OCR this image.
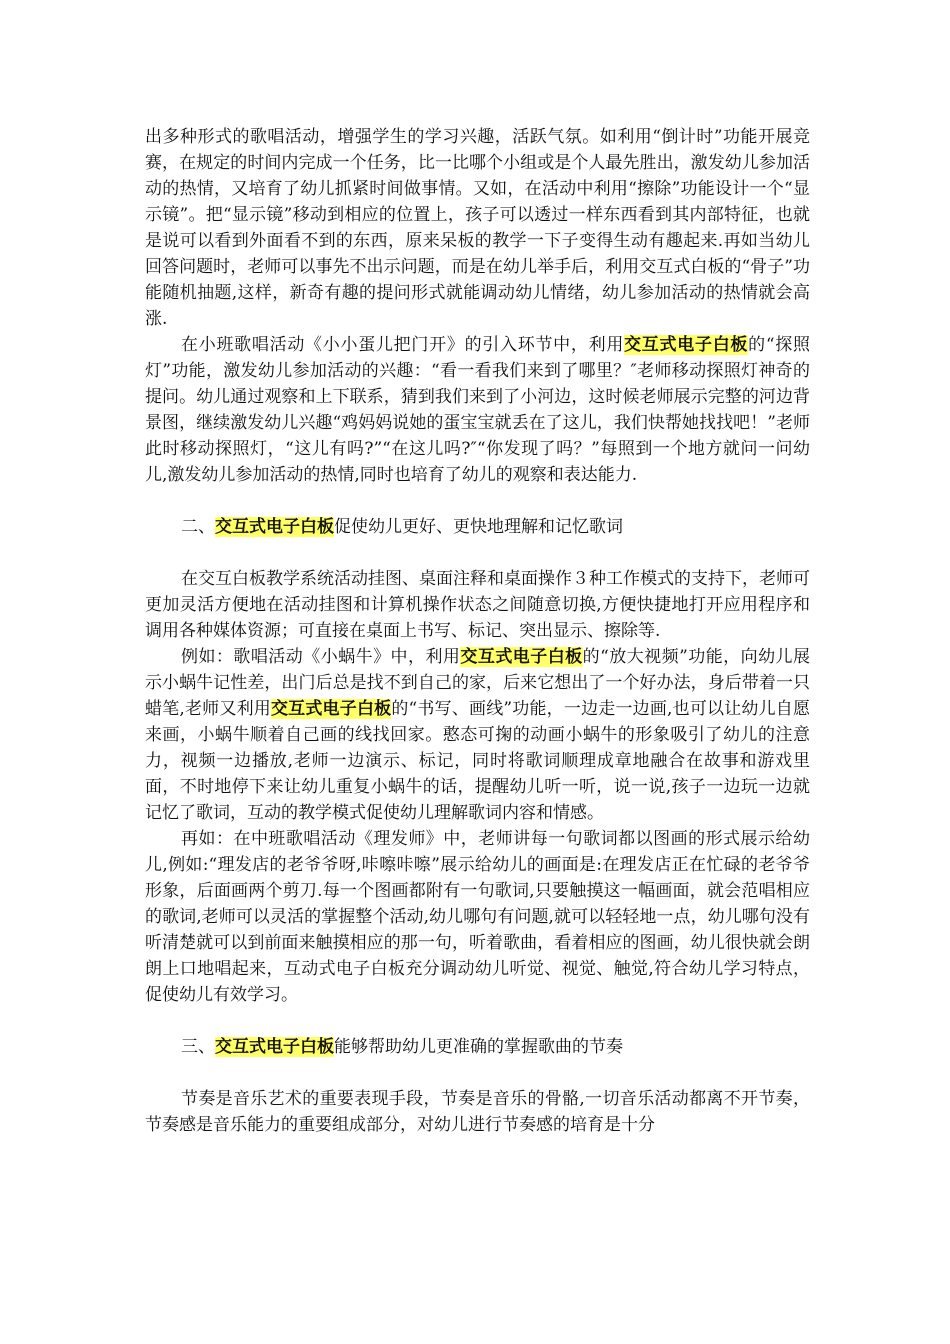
出多种形式的歌唱活动，增强学生的学习兴趣，活跃气氛。如利用“倒计时”功能开展竞赛，在规定的时间内完成一个任务，比一比哪个小组或是个人最先胜出，激发幼儿参加活动的热情，又培育了幼儿抓紧时间做事情。又如，在活动中利用“擦除”功能设计一个“显示镜”。把“显示镜”移动到相应的位置上，孩子可以透过一样东西看到其内部特征，也就是说可以看到外面看不到的东西，原来呆板的教学一下子变得生动有趣起来.再如当幼儿回答问题时，老师可以事先不出示问题，而是在幼儿举手后，利用交互式白板的“骨子”功能随机抽题,这样，新奇有趣的提问形式就能调动幼儿情绪，幼儿参加活动的热情就会高涨.

在小班歌唱活动《小小蛋儿把门开》的引入环节中，利用交互式电子白板的“探照灯”功能，激发幼儿参加活动的兴趣：“看一看我们来到了哪里？″老师移动探照灯神奇的提问。幼儿通过观察和上下联系，猜到我们来到了小河边，这时候老师展示完整的河边背景图，继续激发幼儿兴趣“鸡妈妈说她的蛋宝宝就丢在了这儿，我们快帮她找找吧！”老师此时移动探照灯，“这儿有吗?”“在这儿吗?″“你发现了吗？”每照到一个地方就问一问幼儿,激发幼儿参加活动的热情,同时也培育了幼儿的观察和表达能力.

二、交互式电子白板促使幼儿更好、更快地理解和记忆歌词

在交互白板教学系统活动挂图、桌面注释和桌面操作３种工作模式的支持下，老师可更加灵活方便地在活动挂图和计算机操作状态之间随意切换,方便快捷地打开应用程序和调用各种媒体资源；可直接在桌面上书写、标记、突出显示、擦除等.

例如：歌唱活动《小蜗牛》中，利用交互式电子白板的“放大视频”功能，向幼儿展示小蜗牛记性差，出门后总是找不到自己的家，后来它想出了一个好办法，身后带着一只蜡笔,老师又利用交互式电子白板的“书写、画线”功能，一边走一边画,也可以让幼儿自愿来画，小蜗牛顺着自己画的线找回家。憨态可掬的动画小蜗牛的形象吸引了幼儿的注意力，视频一边播放,老师一边演示、标记，同时将歌词顺理成章地融合在故事和游戏里面，不时地停下来让幼儿重复小蜗牛的话，提醒幼儿听一听，说一说,孩子一边玩一边就记忆了歌词，互动的教学模式促使幼儿理解歌词内容和情感。

再如：在中班歌唱活动《理发师》中，老师讲每一句歌词都以图画的形式展示给幼儿,例如:“理发店的老爷爷呀,咔嚓咔嚓”展示给幼儿的画面是:在理发店正在忙碌的老爷爷形象，后面画两个剪刀.每一个图画都附有一句歌词,只要触摸这一幅画面，就会范唱相应的歌词,老师可以灵活的掌握整个活动,幼儿哪句有问题,就可以轻轻地一点，幼儿哪句没有听清楚就可以到前面来触摸相应的那一句，听着歌曲，看着相应的图画，幼儿很快就会朗朗上口地唱起来，互动式电子白板充分调动幼儿听觉、视觉、触觉,符合幼儿学习特点，促使幼儿有效学习。

三、交互式电子白板能够帮助幼儿更准确的掌握歌曲的节奏

节奏是音乐艺术的重要表现手段，节奏是音乐的骨骼,一切音乐活动都离不开节奏，节奏感是音乐能力的重要组成部分，对幼儿进行节奏感的培育是十分
